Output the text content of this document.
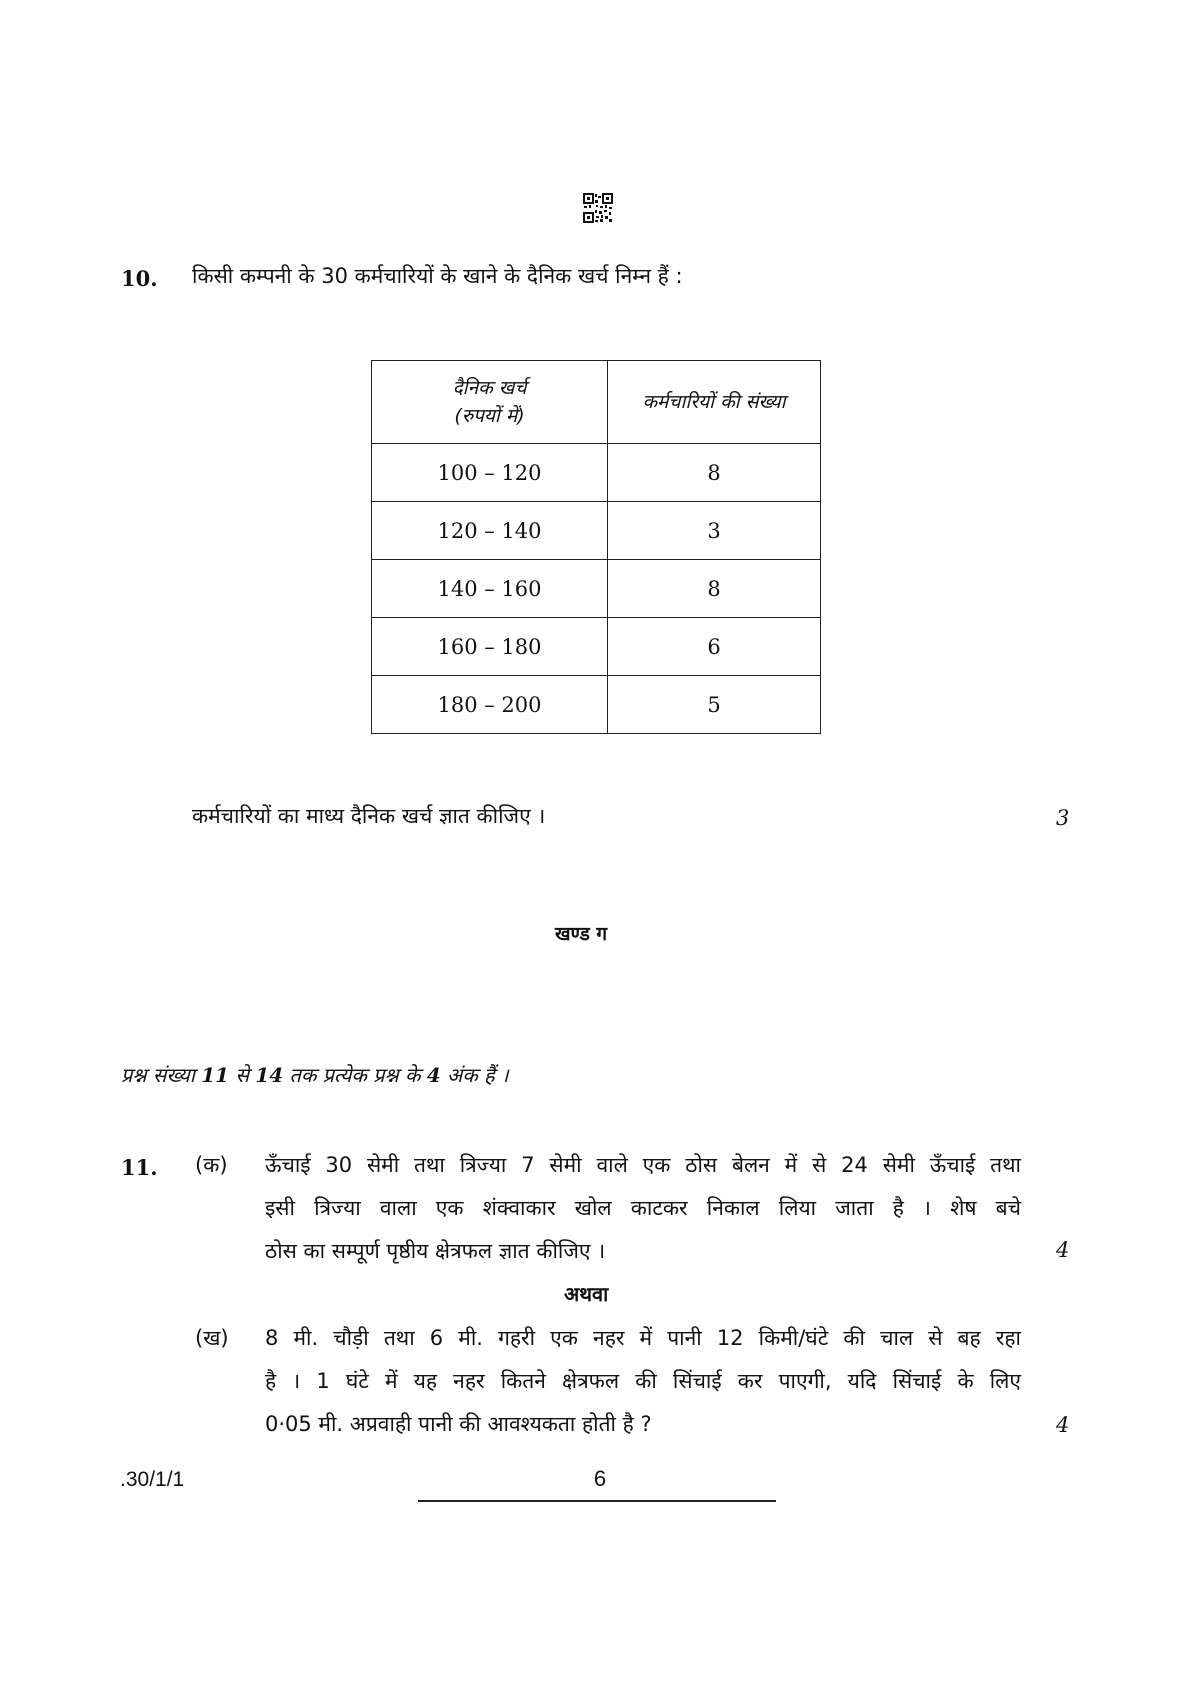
10. किसी कम्पनी के 30 कर्मचारियों के खाने के दैनिक खर्च निम्न हैं :
दैनिक खर्च
(रुपयों में)	कर्मचारियों की संख्या
100 – 120	8
120 – 140	3
140 – 160	8
160 – 180	6
180 – 200	5
कर्मचारियों का माध्य दैनिक खर्च ज्ञात कीजिए ।	3
खण्ड ग
प्रश्न संख्या 11 से 14 तक प्रत्येक प्रश्न के 4 अंक हैं ।
11. (क) ऊँचाई 30 सेमी तथा त्रिज्या 7 सेमी वाले एक ठोस बेलन में से 24 सेमी ऊँचाई तथा
इसी त्रिज्या वाला एक शंक्वाकार खोल काटकर निकाल लिया जाता है । शेष बचे
ठोस का सम्पूर्ण पृष्ठीय क्षेत्रफल ज्ञात कीजिए ।	4
अथवा
(ख) 8 मी. चौड़ी तथा 6 मी. गहरी एक नहर में पानी 12 किमी/घंटे की चाल से बह रहा
है । 1 घंटे में यह नहर कितने क्षेत्रफल की सिंचाई कर पाएगी, यदि सिंचाई के लिए
0·05 मी. अप्रवाही पानी की आवश्यकता होती है ?	4
.30/1/1	6
